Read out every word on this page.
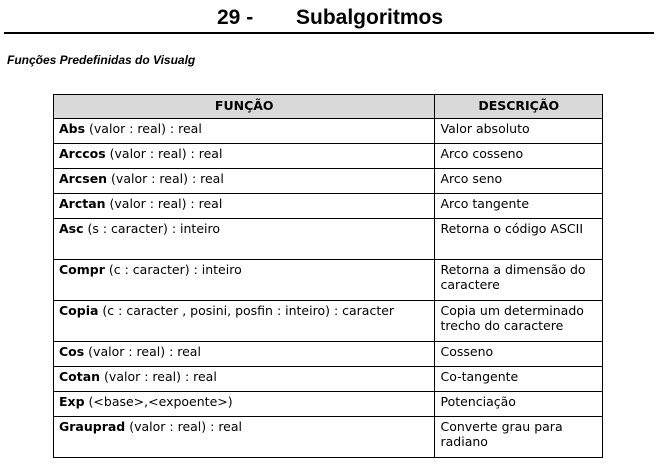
29 - Subalgoritmos
Funções Predefinidas do Visualg
FUNÇÃO	DESCRIÇÃO
Abs (valor : real) : real	Valor absoluto
Arccos (valor : real) : real	Arco cosseno
Arcsen (valor : real) : real	Arco seno
Arctan (valor : real) : real	Arco tangente
Asc (s : caracter) : inteiro	Retorna o código ASCII
Compr (c : caracter) : inteiro	Retorna a dimensão do caractere
Copia (c : caracter , posini, posfin : inteiro) : caracter	Copia um determinado trecho do caractere
Cos (valor : real) : real	Cosseno
Cotan (valor : real) : real	Co-tangente
Exp (<base>,<expoente>)	Potenciação
Grauprad (valor : real) : real	Converte grau para radiano
